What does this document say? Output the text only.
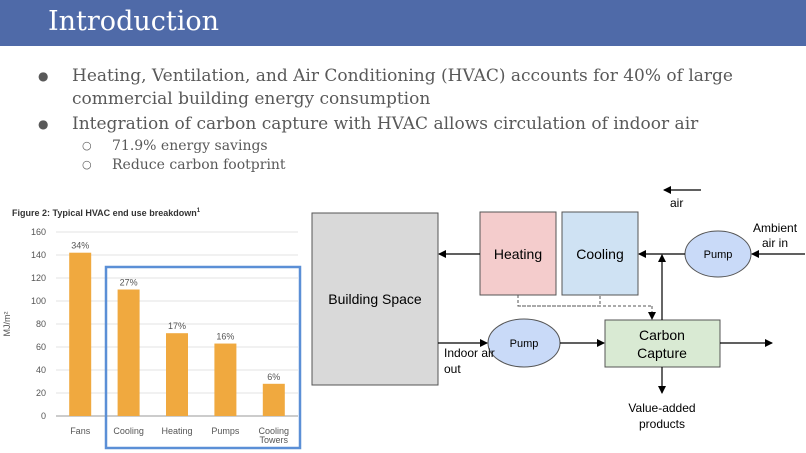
Introduction
● Heating, Ventilation, and Air Conditioning (HVAC) accounts for 40% of large
commercial building energy consumption
● Integration of carbon capture with HVAC allows circulation of indoor air
○ 71.9% energy savings
○ Reduce carbon footprint
Figure 2: Typical HVAC end use breakdown$^1$
0
20
40
60
80
100
120
140
160
34%
27%
17%
16%
6%
Fans	Cooling Heating Pumps Cooling
Towers
MJ/m²
Building Space
Heating Cooling	Pump
Pump
Carbon
Capture
air
Ambient
air in
Indoor air
out
Value-added
products
